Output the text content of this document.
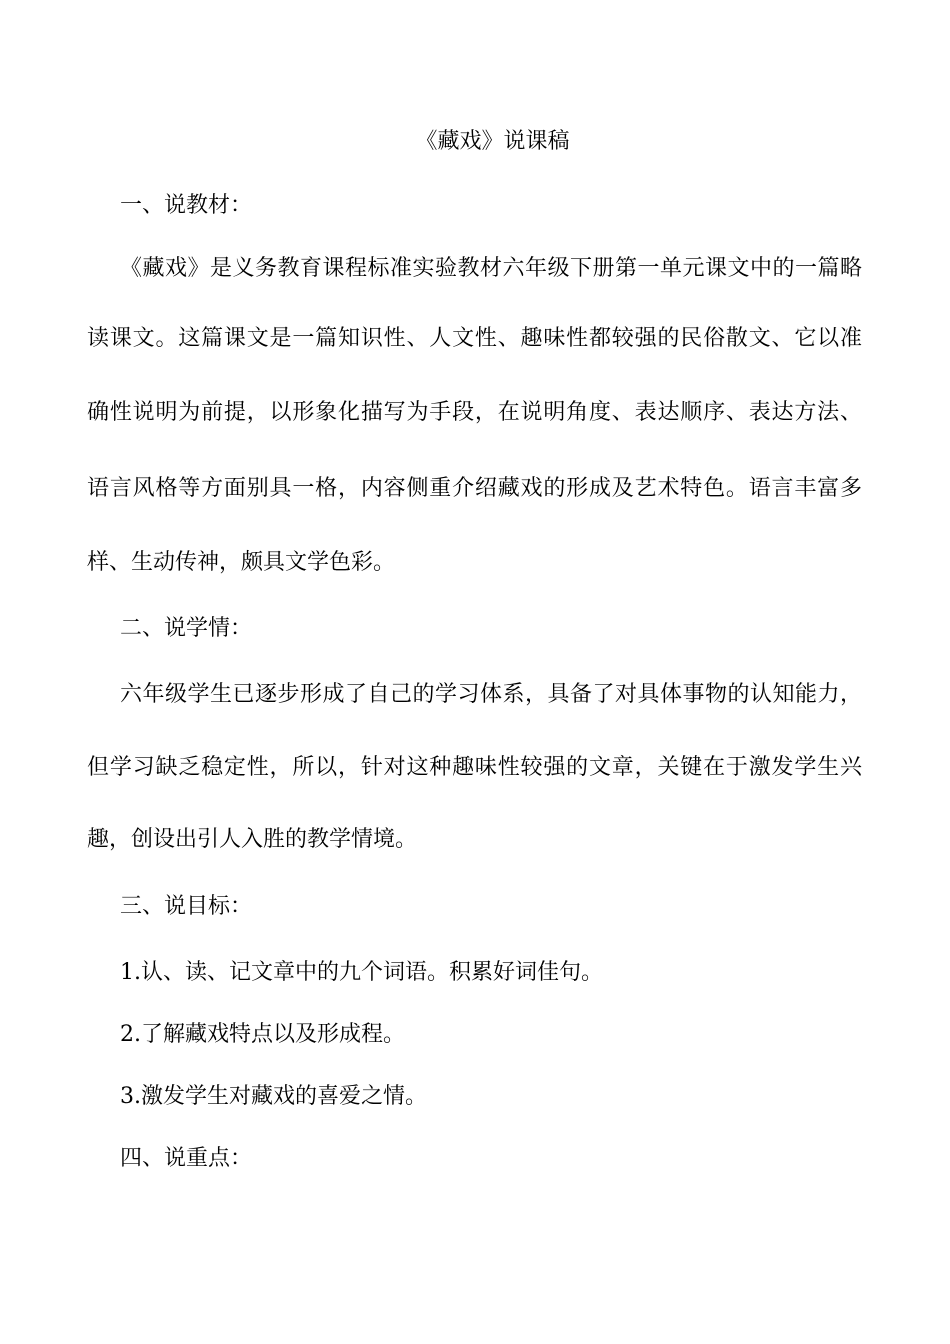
《藏戏》说课稿
一、说教材：
《藏戏》是义务教育课程标准实验教材六年级下册第一单元课文中的一篇略
读课文。这篇课文是一篇知识性、人文性、趣味性都较强的民俗散文、它以准
确性说明为前提，以形象化描写为手段，在说明角度、表达顺序、表达方法、
语言风格等方面别具一格，内容侧重介绍藏戏的形成及艺术特色。语言丰富多
样、生动传神，颇具文学色彩。
二、说学情：
六年级学生已逐步形成了自己的学习体系，具备了对具体事物的认知能力，
但学习缺乏稳定性，所以，针对这种趣味性较强的文章，关键在于激发学生兴
趣，创设出引人入胜的教学情境。
三、说目标：
1.认、读、记文章中的九个词语。积累好词佳句。
2.了解藏戏特点以及形成程。
3.激发学生对藏戏的喜爱之情。
四、说重点：
